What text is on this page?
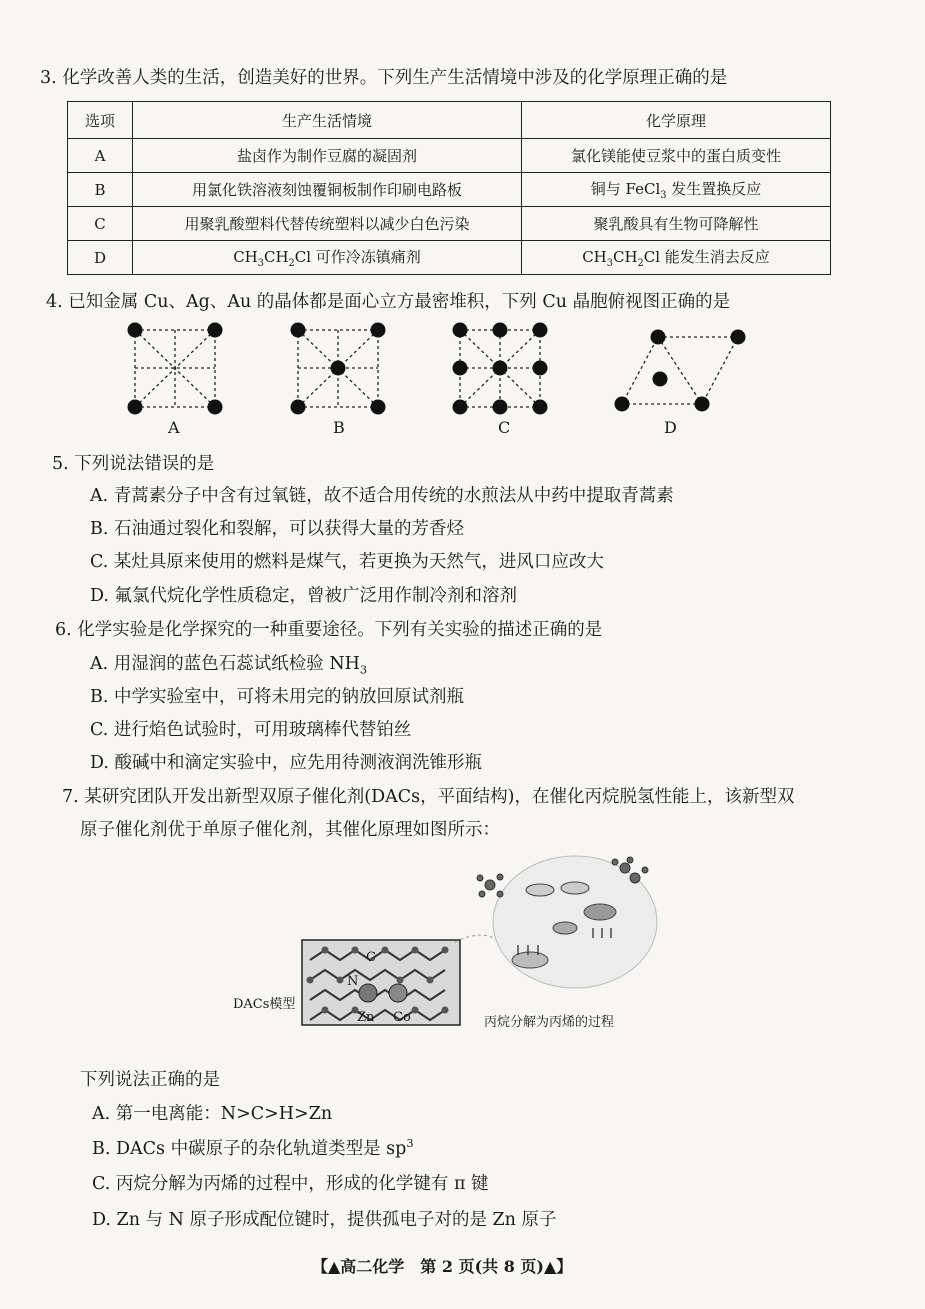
3. 化学改善人类的生活，创造美好的世界。下列生产生活情境中涉及的化学原理正确的是
选项	生产生活情境	化学原理
A	盐卤作为制作豆腐的凝固剂	氯化镁能使豆浆中的蛋白质变性
B	用氯化铁溶液刻蚀覆铜板制作印刷电路板	铜与 FeCl$_3$ 发生置换反应
C	用聚乳酸塑料代替传统塑料以减少白色污染	聚乳酸具有生物可降解性
D	$CH_3CH_2Cl$ 可作冷冻镇痛剂	$CH_3CH_2Cl$ 能发生消去反应
4. 已知金属 Cu、Ag、Au 的晶体都是面心立方最密堆积，下列 Cu 晶胞俯视图正确的是
A	B	C	D
5. 下列说法错误的是
A. 青蒿素分子中含有过氧链，故不适合用传统的水煎法从中药中提取青蒿素
B. 石油通过裂化和裂解，可以获得大量的芳香烃
C. 某灶具原来使用的燃料是煤气，若更换为天然气，进风口应改大
D. 氟氯代烷化学性质稳定，曾被广泛用作制冷剂和溶剂
6. 化学实验是化学探究的一种重要途径。下列有关实验的描述正确的是
A. 用湿润的蓝色石蕊试纸检验 $NH_3$
B. 中学实验室中，可将未用完的钠放回原试剂瓶
C. 进行焰色试验时，可用玻璃棒代替铂丝
D. 酸碱中和滴定实验中，应先用待测液润洗锥形瓶
7. 某研究团队开发出新型双原子催化剂(DACs，平面结构)，在催化丙烷脱氢性能上，该新型双
原子催化剂优于单原子催化剂，其催化原理如图所示：
DACs模型
丙烷分解为丙烯的过程
C
N
Zn Co
下列说法正确的是
A. 第一电离能：N>C>H>Zn
B. DACs 中碳原子的杂化轨道类型是 $sp^3$
C. 丙烷分解为丙烯的过程中，形成的化学键有 π 键
D. Zn 与 N 原子形成配位键时，提供孤电子对的是 Zn 原子
【▲高二化学　第 2 页(共 8 页)▲】
